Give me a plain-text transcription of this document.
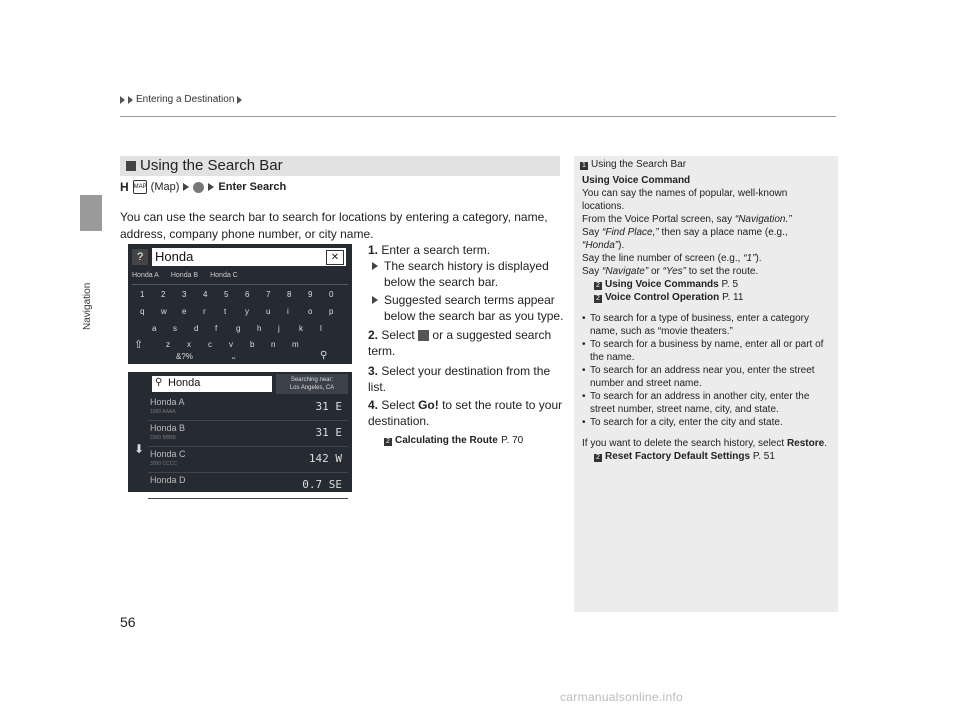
Entering a Destination
Navigation
Using the Search Bar
H MAP (Map)	Enter Search
You can use the search bar to search for locations by entering a category, name, address, company phone number, or city name.
? Honda	✕
Honda A Honda B Honda C
1 2 3 4 5 6 7 8 9 0
q w e r t y u i o p
a s d f g h j k l
z x c v b n m
&?%
⇧
⎵	⚲
⚲ Honda	Searching near:
Los Angeles, CA
⬇
Honda A
1000 AAAA	31 E
Honda B
2000 BBBB	31 E
Honda C
3000 CCCC	142 W
Honda D	0.7 SE
1. Enter a search term.
The search history is displayed below the search bar.
Suggested search terms appear below the search bar as you type.
2. Select or a suggested search term.
3. Select your destination from the list.
4. Select Go! to set the route to your destination.
2 Calculating the Route P. 70
1 Using the Search Bar
Using Voice Command
You can say the names of popular, well-known locations.
From the Voice Portal screen, say “Navigation.”
Say “Find Place,” then say a place name (e.g., “Honda”).
Say the line number of screen (e.g., “1”).
Say “Navigate” or “Yes” to set the route.
2 Using Voice Commands P. 5
2 Voice Control Operation P. 11
• To search for a type of business, enter a category name, such as “movie theaters.”
• To search for a business by name, enter all or part of the name.
• To search for an address near you, enter the street number and street name.
• To search for an address in another city, enter the street number, street name, city, and state.
• To search for a city, enter the city and state.
If you want to delete the search history, select Restore.
2 Reset Factory Default Settings P. 51
56
carmanualsonline.info
